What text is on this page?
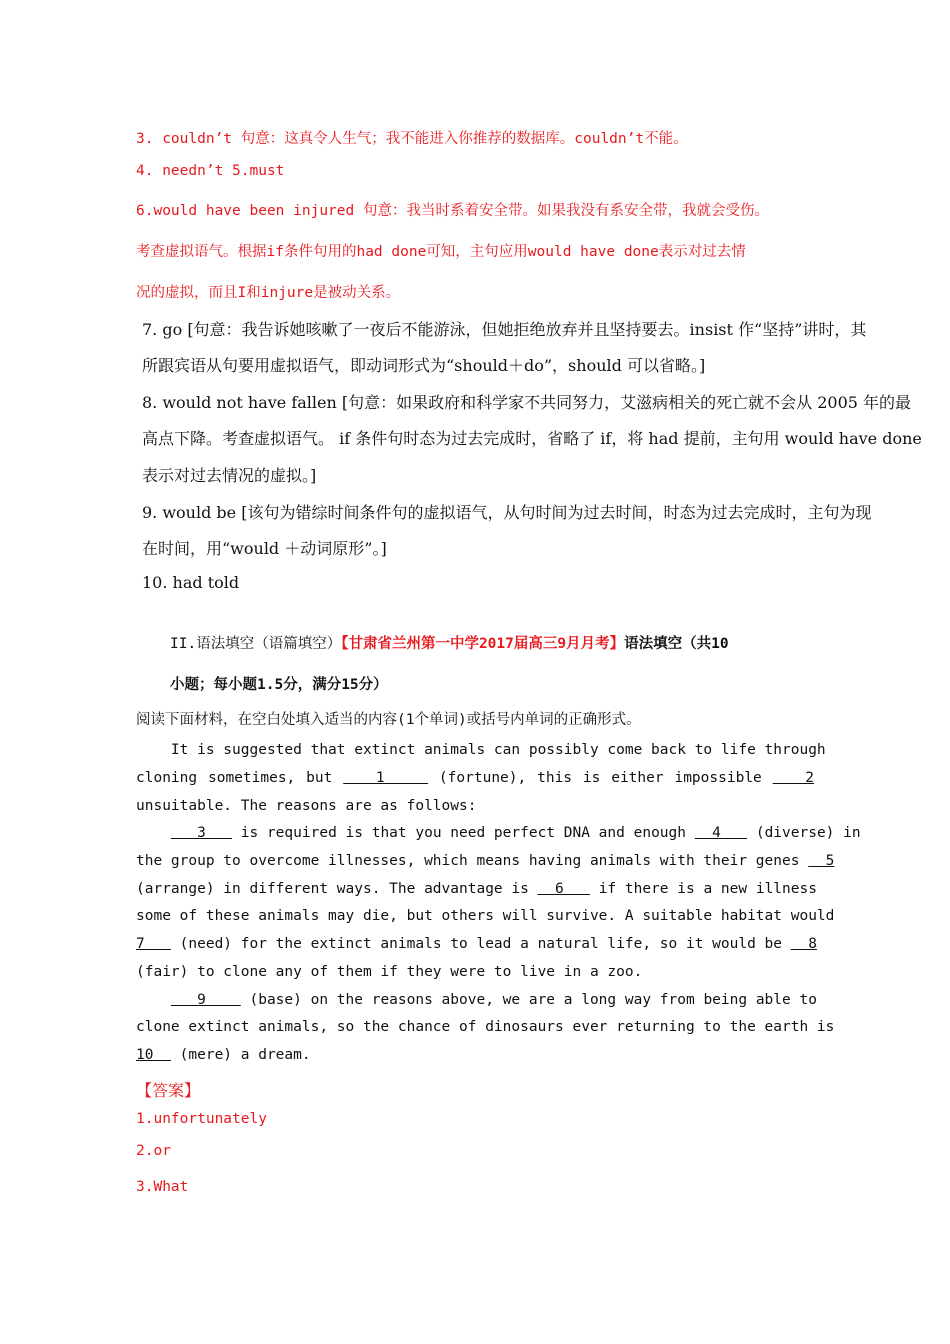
3. couldn’t 句意：这真令人生气；我不能进入你推荐的数据库。couldn’t不能。
4. needn’t 5.must
6.would have been injured 句意：我当时系着安全带。如果我没有系安全带，我就会受伤。
考查虚拟语气。根据if条件句用的had done可知，主句应用would have done表示对过去情
况的虚拟，而且I和injure是被动关系。
7. go [句意：我告诉她咳嗽了一夜后不能游泳，但她拒绝放弃并且坚持要去。insist 作“坚持”讲时，其
所跟宾语从句要用虚拟语气，即动词形式为“should＋do”，should 可以省略。]
8. would not have fallen [句意：如果政府和科学家不共同努力，艾滋病相关的死亡就不会从 2005 年的最
高点下降。考查虚拟语气。 if 条件句时态为过去完成时，省略了 if，将 had 提前，主句用 would have done
表示对过去情况的虚拟。]
9. would be [该句为错综时间条件句的虚拟语气，从句时间为过去时间，时态为过去完成时，主句为现
在时间，用“would ＋动词原形”。]
10. had told
II.语法填空（语篇填空）【甘肃省兰州第一中学2017届高三9月月考】语法填空（共10
小题；每小题1.5分，满分15分）
阅读下面材料，在空白处填入适当的内容(1个单词)或括号内单词的正确形式。
It is suggested that extinct animals can possibly come back to life through
cloning sometimes, but    1     (fortune), this is either impossible    2
unsuitable. The reasons are as follows:
3    is required is that you need perfect DNA and enough   4    (diverse) in
the group to overcome illnesses, which means having animals with their genes   5
(arrange) in different ways. The advantage is   6    if there is a new illness
some of these animals may die, but others will survive. A suitable habitat would
7    (need) for the extinct animals to lead a natural life, so it would be   8
(fair) to clone any of them if they were to live in a zoo.
9     (base) on the reasons above, we are a long way from being able to
clone extinct animals, so the chance of dinosaurs ever returning to the earth is
10   (mere) a dream.
【答案】
1.unfortunately
2.or
3.What
